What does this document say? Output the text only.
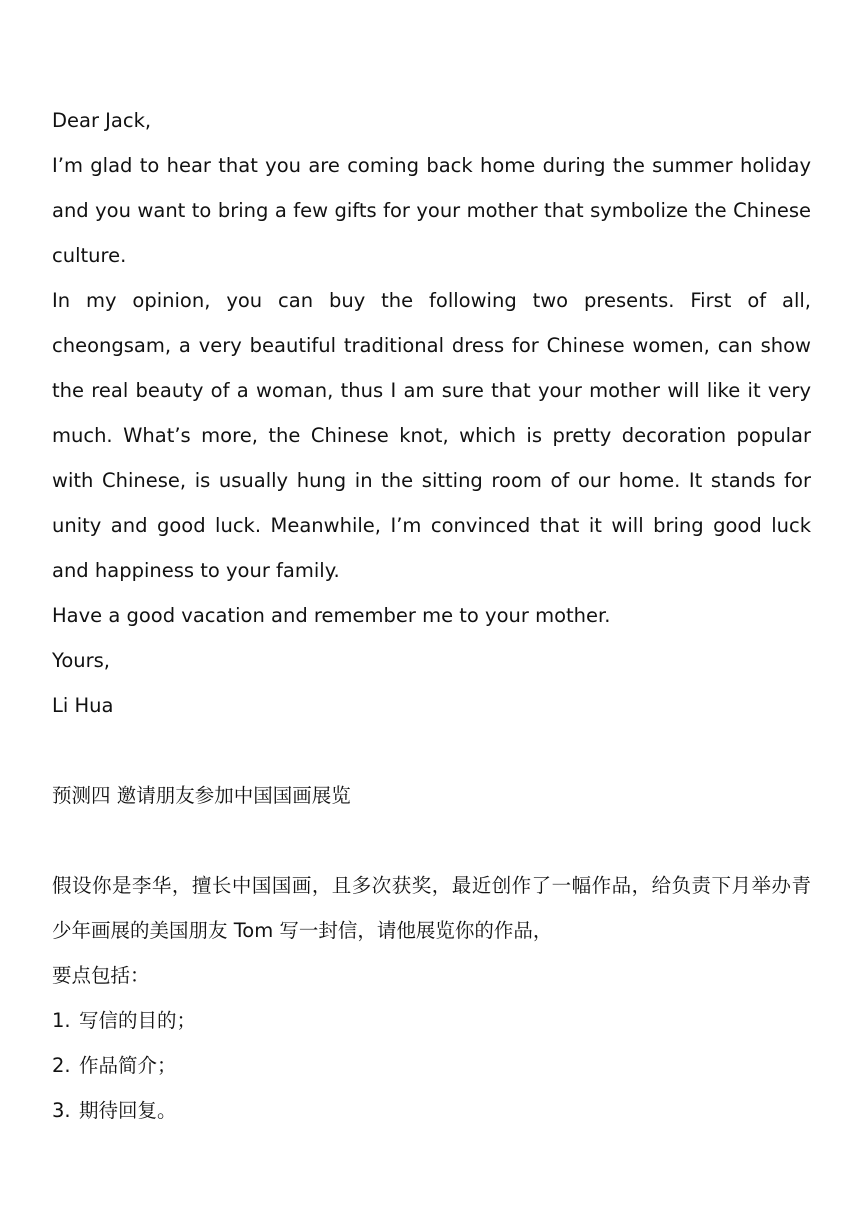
Dear Jack,

I’m glad to hear that you are coming back home during the summer holiday and you want to bring a few gifts for your mother that symbolize the Chinese culture.

In my opinion, you can buy the following two presents. First of all, cheongsam, a very beautiful traditional dress for Chinese women, can show the real beauty of a woman, thus I am sure that your mother will like it very much. What’s more, the Chinese knot, which is pretty decoration popular with Chinese, is usually hung in the sitting room of our home. It stands for unity and good luck. Meanwhile, I’m convinced that it will bring good luck and happiness to your family.

Have a good vacation and remember me to your mother.

Yours,

Li Hua

预测四 邀请朋友参加中国国画展览

假设你是李华，擅长中国国画，且多次获奖，最近创作了一幅作品，给负责下月举办青少年画展的美国朋友 Tom 写一封信，请他展览你的作品，

要点包括：

1. 写信的目的；

2. 作品简介；

3. 期待回复。
